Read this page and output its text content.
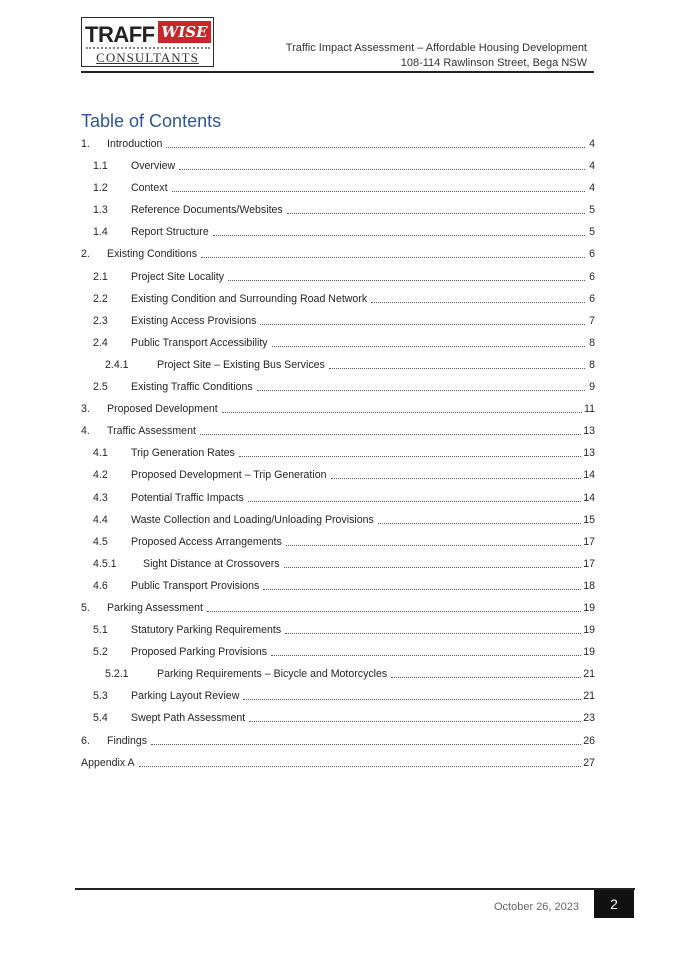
TRAFF WISE
CONSULTANTS
Traffic Impact Assessment – Affordable Housing Development
108-114 Rawlinson Street, Bega NSW
Table of Contents
1.	Introduction	4
1.1	Overview	4
1.2	Context	4
1.3	Reference Documents/Websites	5
1.4	Report Structure	5
2.	Existing Conditions	6
2.1	Project Site Locality	6
2.2	Existing Condition and Surrounding Road Network	6
2.3	Existing Access Provisions	7
2.4	Public Transport Accessibility	8
2.4.1	Project Site – Existing Bus Services	8
2.5	Existing Traffic Conditions	9
3.	Proposed Development	11
4.	Traffic Assessment	13
4.1	Trip Generation Rates	13
4.2	Proposed Development – Trip Generation	14
4.3	Potential Traffic Impacts	14
4.4	Waste Collection and Loading/Unloading Provisions	15
4.5	Proposed Access Arrangements	17
4.5.1	Sight Distance at Crossovers	17
4.6	Public Transport Provisions	18
5.	Parking Assessment	19
5.1	Statutory Parking Requirements	19
5.2	Proposed Parking Provisions	19
5.2.1	Parking Requirements – Bicycle and Motorcycles	21
5.3	Parking Layout Review	21
5.4	Swept Path Assessment	23
6.	Findings	26
Appendix A	27
October 26, 2023	2
